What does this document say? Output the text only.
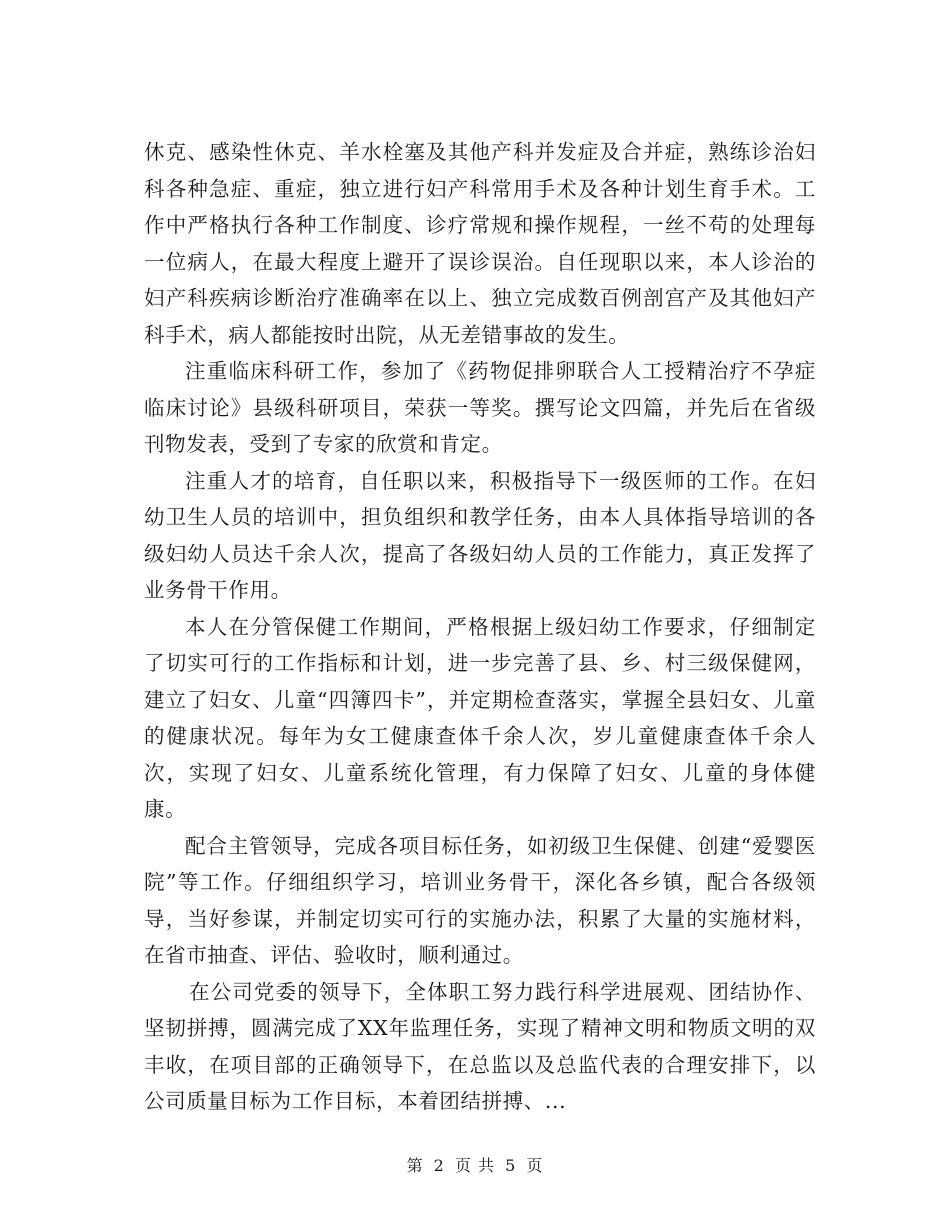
休克、感染性休克、羊水栓塞及其他产科并发症及合并症，熟练诊治妇科各种急症、重症，独立进行妇产科常用手术及各种计划生育手术。工作中严格执行各种工作制度、诊疗常规和操作规程，一丝不苟的处理每一位病人，在最大程度上避开了误诊误治。自任现职以来，本人诊治的妇产科疾病诊断治疗准确率在以上、独立完成数百例剖宫产及其他妇产科手术，病人都能按时出院，从无差错事故的发生。

注重临床科研工作，参加了《药物促排卵联合人工授精治疗不孕症临床讨论》县级科研项目，荣获一等奖。撰写论文四篇，并先后在省级刊物发表，受到了专家的欣赏和肯定。

注重人才的培育，自任职以来，积极指导下一级医师的工作。在妇幼卫生人员的培训中，担负组织和教学任务，由本人具体指导培训的各级妇幼人员达千余人次，提高了各级妇幼人员的工作能力，真正发挥了业务骨干作用。

本人在分管保健工作期间，严格根据上级妇幼工作要求，仔细制定了切实可行的工作指标和计划，进一步完善了县、乡、村三级保健网，建立了妇女、儿童“四簿四卡”，并定期检查落实，掌握全县妇女、儿童的健康状况。每年为女工健康查体千余人次，岁儿童健康查体千余人次，实现了妇女、儿童系统化管理，有力保障了妇女、儿童的身体健康。

配合主管领导，完成各项目标任务，如初级卫生保健、创建“爱婴医院”等工作。仔细组织学习，培训业务骨干，深化各乡镇，配合各级领导，当好参谋，并制定切实可行的实施办法，积累了大量的实施材料，在省市抽查、评估、验收时，顺利通过。

在公司党委的领导下，全体职工努力践行科学进展观、团结协作、坚韧拼搏，圆满完成了XX年监理任务，实现了精神文明和物质文明的双丰收，在项目部的正确领导下，在总监以及总监代表的合理安排下，以公司质量目标为工作目标，本着团结拼搏、...

第 2 页 共 5 页
